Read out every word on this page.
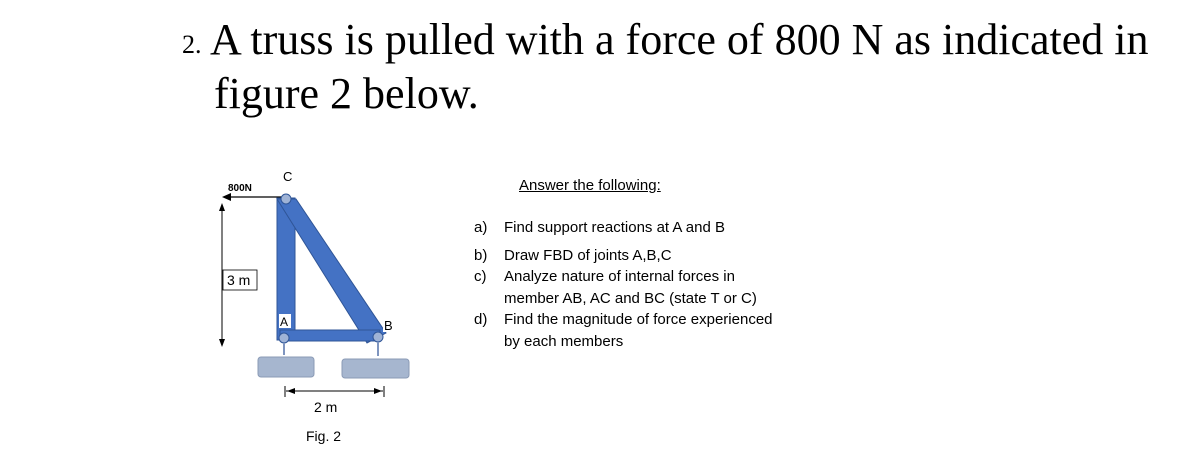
2. A truss is pulled with a force of 800 N as indicated in
figure 2 below.
800N
3 m
C
A	B
2 m
Fig. 2
Answer the following:
a)	Find support reactions at A and B
b)	Draw FBD of joints A,B,C
c)	Analyze nature of internal forces in member AB, AC and BC (state T or C)
d)	Find the magnitude of force experienced by each members
